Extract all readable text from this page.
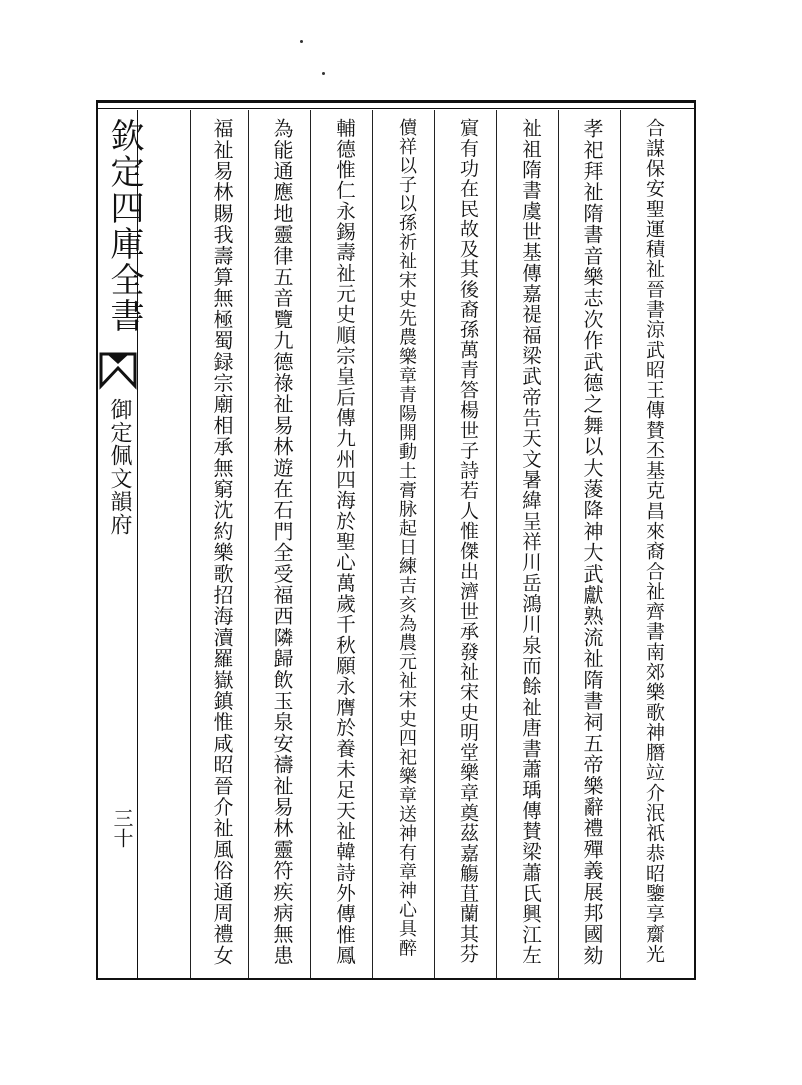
欽定四庫全書
御定佩文韻府
三十	合謀保安聖運積祉晉書涼武昭王傳賛丕基克昌來裔合祉齊書南郊樂歌神䐶竝介泯祇恭昭鑒享𪗋光
孝祀拜祉隋書音樂志次作武德之舞以大蔆降神大武獻熟流祉隋書祠五帝樂辭禮殫義展邦國劾
祉祖隋書虞世基傳嘉禔福梁武帝告天文暑緯呈祥川岳鴻川泉而餘祉唐書蕭瑀傳賛梁蕭氏興江左
賔有功在民故及其後裔孫萬青答楊世子詩若人惟傑出濟世承發祉宋史明堂樂章奠茲嘉觴苴蘭其芬
儥祥以子以孫祈祉宋史先農樂章青陽開動土膏脉起日練吉亥為農元祉宋史四祀樂章送神有章神心具醉
輔德惟仁永錫壽祉元史順宗皇后傳九州四海於聖心萬歲千秋願永膺於養未足天祉韓詩外傳惟鳳
為能通應地靈律五音覽九德祿祉易林遊在石門全受福西隣歸飲玉泉安禱祉易林靈符疾病無患
福祉易林賜我壽算無極蜀録宗廟相承無窮沈約樂歌招海瀆羅嶽鎮惟咸昭晉介祉風俗通周禮女
